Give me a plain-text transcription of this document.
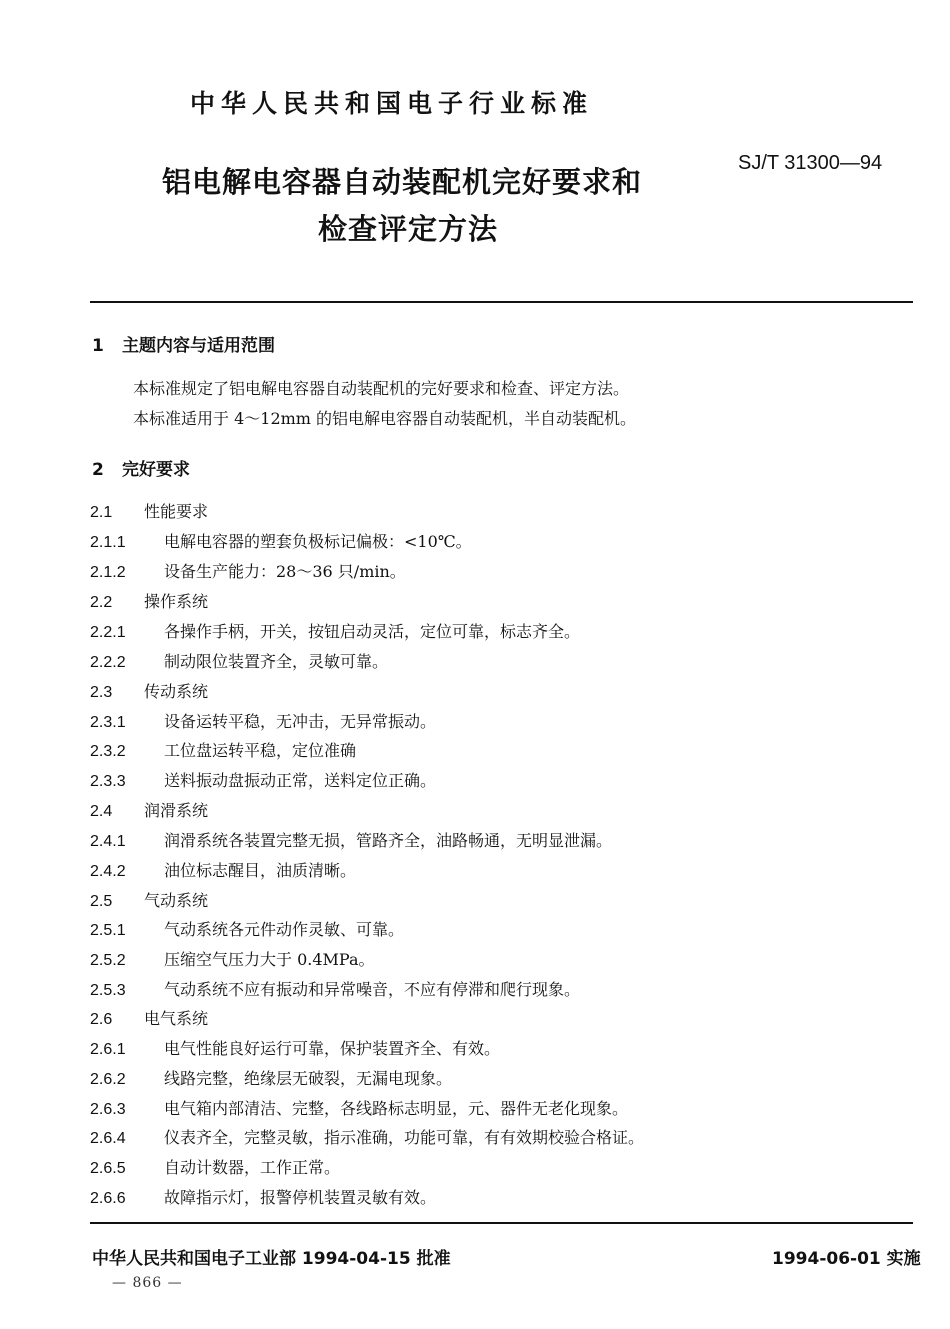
中华人民共和国电子行业标准
SJ/T 31300—94
铝电解电容器自动装配机完好要求和
检查评定方法
1 主题内容与适用范围
本标准规定了铝电解电容器自动装配机的完好要求和检查、评定方法。
本标准适用于 4～12mm 的铝电解电容器自动装配机，半自动装配机。
2 完好要求
2.1 性能要求
2.1.1 电解电容器的塑套负极标记偏极：<10℃。
2.1.2 设备生产能力：28～36 只/min。
2.2 操作系统
2.2.1 各操作手柄，开关，按钮启动灵活，定位可靠，标志齐全。
2.2.2 制动限位装置齐全，灵敏可靠。
2.3 传动系统
2.3.1 设备运转平稳，无冲击，无异常振动。
2.3.2 工位盘运转平稳，定位准确
2.3.3 送料振动盘振动正常，送料定位正确。
2.4 润滑系统
2.4.1 润滑系统各装置完整无损，管路齐全，油路畅通，无明显泄漏。
2.4.2 油位标志醒目，油质清晰。
2.5 气动系统
2.5.1 气动系统各元件动作灵敏、可靠。
2.5.2 压缩空气压力大于 0.4MPa。
2.5.3 气动系统不应有振动和异常噪音，不应有停滞和爬行现象。
2.6 电气系统
2.6.1 电气性能良好运行可靠，保护装置齐全、有效。
2.6.2 线路完整，绝缘层无破裂，无漏电现象。
2.6.3 电气箱内部清洁、完整，各线路标志明显，元、器件无老化现象。
2.6.4 仪表齐全，完整灵敏，指示准确，功能可靠，有有效期校验合格证。
2.6.5 自动计数器，工作正常。
2.6.6 故障指示灯，报警停机装置灵敏有效。
中华人民共和国电子工业部 1994-04-15 批准	1994-06-01 实施
— 866 —
